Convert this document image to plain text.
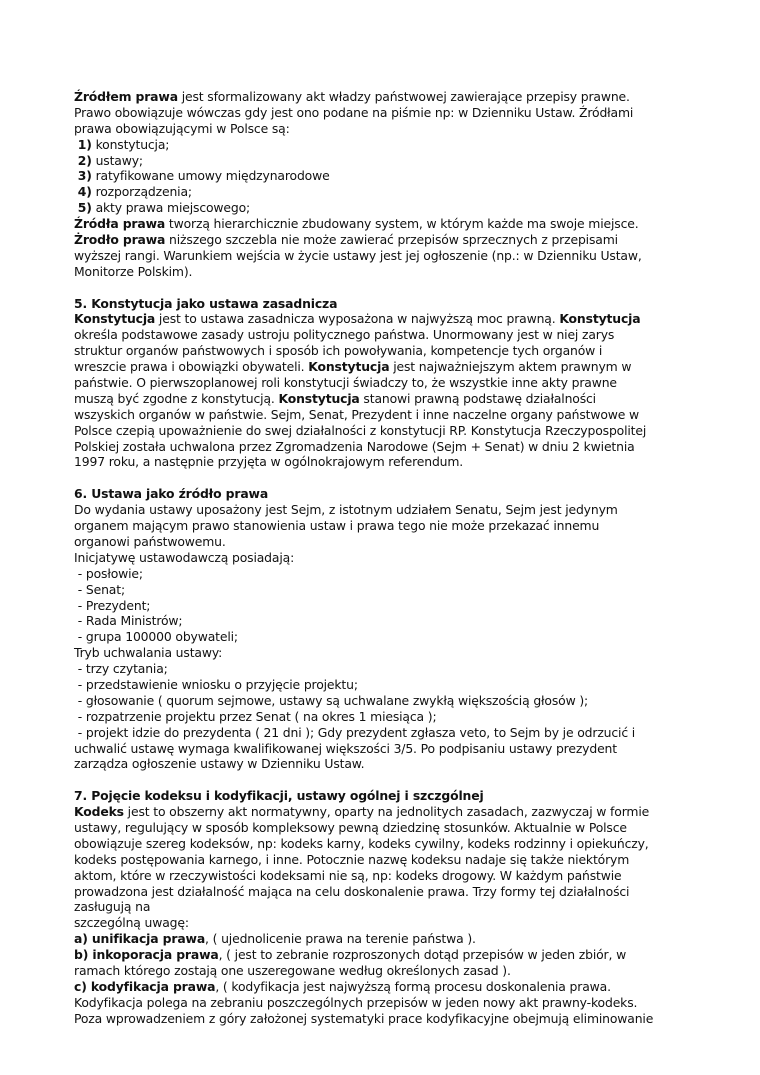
Źródłem prawa jest sformalizowany akt władzy państwowej zawierające przepisy prawne.
Prawo obowiązuje wówczas gdy jest ono podane na piśmie np: w Dzienniku Ustaw. Źródłami
prawa obowiązującymi w Polsce są:
1) konstytucja;
2) ustawy;
3) ratyfikowane umowy międzynarodowe
4) rozporządzenia;
5) akty prawa miejscowego;
Źródła prawa tworzą hierarchicznie zbudowany system, w którym każde ma swoje miejsce.
Żrodło prawa niższego szczebla nie może zawierać przepisów sprzecznych z przepisami
wyższej rangi. Warunkiem wejścia w życie ustawy jest jej ogłoszenie (np.: w Dzienniku Ustaw,
Monitorze Polskim).
5. Konstytucja jako ustawa zasadnicza
Konstytucja jest to ustawa zasadnicza wyposażona w najwyższą moc prawną. Konstytucja
określa podstawowe zasady ustroju politycznego państwa. Unormowany jest w niej zarys
struktur organów państwowych i sposób ich powoływania, kompetencje tych organów i
wreszcie prawa i obowiązki obywateli. Konstytucja jest najważniejszym aktem prawnym w
państwie. O pierwszoplanowej roli konstytucji świadczy to, że wszystkie inne akty prawne
muszą być zgodne z konstytucją. Konstytucja stanowi prawną podstawę działalności
wszyskich organów w państwie. Sejm, Senat, Prezydent i inne naczelne organy państwowe w
Polsce czepią upoważnienie do swej działalności z konstytucji RP. Konstytucja Rzeczypospolitej
Polskiej została uchwalona przez Zgromadzenia Narodowe (Sejm + Senat) w dniu 2 kwietnia
1997 roku, a następnie przyjęta w ogólnokrajowym referendum.
6. Ustawa jako źródło prawa
Do wydania ustawy uposażony jest Sejm, z istotnym udziałem Senatu, Sejm jest jedynym
organem mającym prawo stanowienia ustaw i prawa tego nie może przekazać innemu
organowi państwowemu.
Inicjatywę ustawodawczą posiadają:
- posłowie;
- Senat;
- Prezydent;
- Rada Ministrów;
- grupa 100000 obywateli;
Tryb uchwalania ustawy:
- trzy czytania;
- przedstawienie wniosku o przyjęcie projektu;
- głosowanie ( quorum sejmowe, ustawy są uchwalane zwykłą większością głosów );
- rozpatrzenie projektu przez Senat ( na okres 1 miesiąca );
- projekt idzie do prezydenta ( 21 dni ); Gdy prezydent zgłasza veto, to Sejm by je odrzucić i
uchwalić ustawę wymaga kwalifikowanej większości 3/5. Po podpisaniu ustawy prezydent
zarządza ogłoszenie ustawy w Dzienniku Ustaw.
7. Pojęcie kodeksu i kodyfikacji, ustawy ogólnej i szczgólnej
Kodeks jest to obszerny akt normatywny, oparty na jednolitych zasadach, zazwyczaj w formie
ustawy, regulujący w sposób kompleksowy pewną dziedzinę stosunków. Aktualnie w Polsce
obowiązuje szereg kodeksów, np: kodeks karny, kodeks cywilny, kodeks rodzinny i opiekuńczy,
kodeks postępowania karnego, i inne. Potocznie nazwę kodeksu nadaje się także niektórym
aktom, które w rzeczywistości kodeksami nie są, np: kodeks drogowy. W każdym państwie
prowadzona jest działalność mająca na celu doskonalenie prawa. Trzy formy tej działalności
zasługują na
szczególną uwagę:
a) unifikacja prawa, ( ujednolicenie prawa na terenie państwa ).
b) inkoporacja prawa, ( jest to zebranie rozproszonych dotąd przepisów w jeden zbiór, w
ramach którego zostają one uszeregowane według określonych zasad ).
c) kodyfikacja prawa, ( kodyfikacja jest najwyższą formą procesu doskonalenia prawa.
Kodyfikacja polega na zebraniu poszczególnych przepisów w jeden nowy akt prawny-kodeks.
Poza wprowadzeniem z góry założonej systematyki prace kodyfikacyjne obejmują eliminowanie
